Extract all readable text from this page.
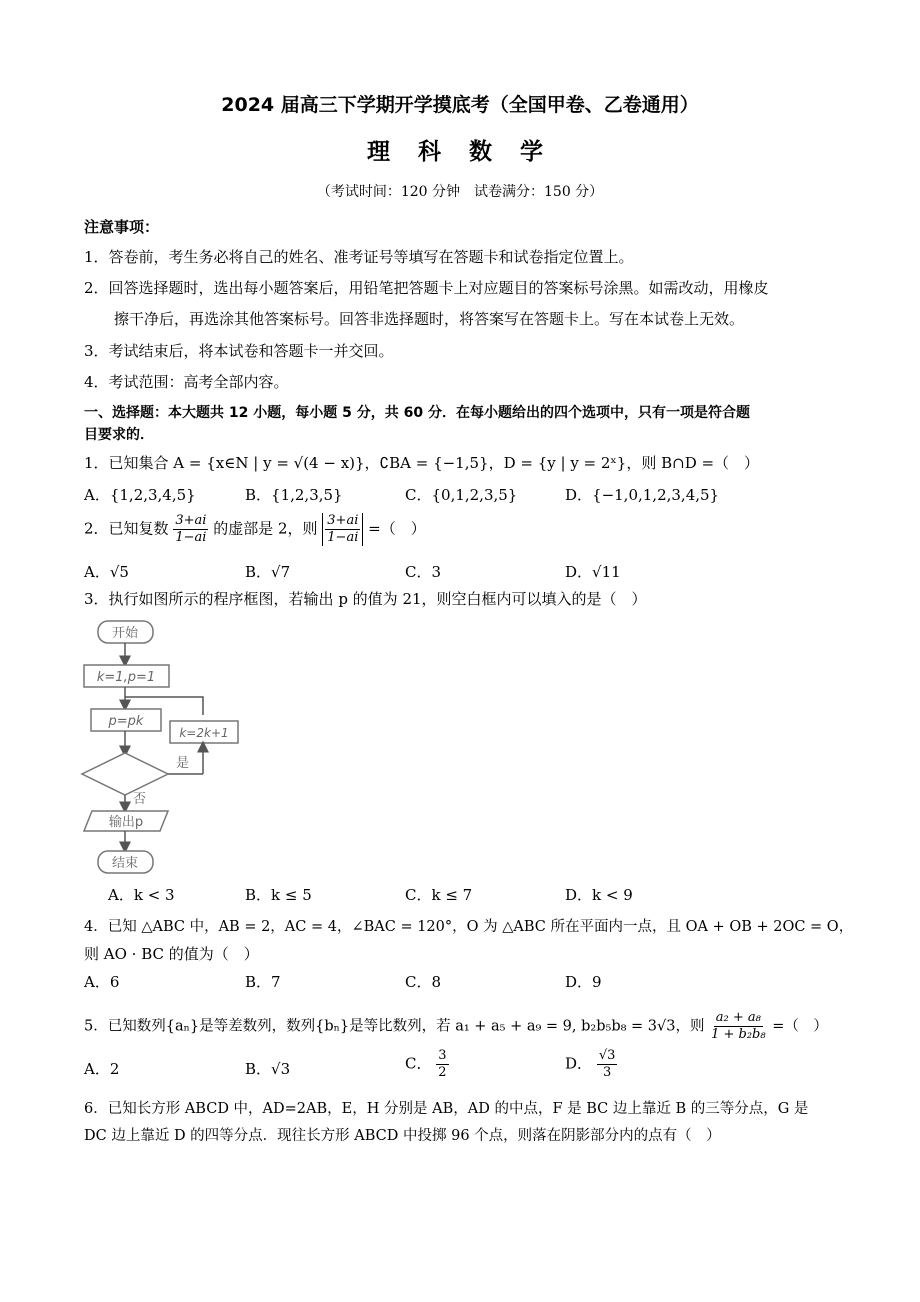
2024 届高三下学期开学摸底考（全国甲卷、乙卷通用）
理 科 数 学
（考试时间：120 分钟　试卷满分：150 分）
注意事项：
1．答卷前，考生务必将自己的姓名、准考证号等填写在答题卡和试卷指定位置上。
2．回答选择题时，选出每小题答案后，用铅笔把答题卡上对应题目的答案标号涂黑。如需改动，用橡皮
擦干净后，再选涂其他答案标号。回答非选择题时，将答案写在答题卡上。写在本试卷上无效。
3．考试结束后，将本试卷和答题卡一并交回。
4．考试范围：高考全部内容。
一、选择题：本大题共 12 小题，每小题 5 分，共 60 分．在每小题给出的四个选项中，只有一项是符合题
目要求的．
1．已知集合 A = {x∈N | y = √(4 − x)}，∁BA = {−1,5}，D = {y | y = 2ˣ}，则 B∩D =（　）
A．{1,2,3,4,5}	B．{1,2,3,5}	C．{0,1,2,3,5}	D．{−1,0,1,2,3,4,5}
2．已知复数 $\frac{3+ai}{1-ai}$ 的虚部是 2，则 $\frac{3+ai}{1-ai}$ =（　）
A．√5	B．√7	C．3	D．√11
3．执行如图所示的程序框图，若输出 p 的值为 21，则空白框内可以填入的是（　）
开始
k=1,p=1
p=pk
k=2k+1
是
否
输出p
结束
A．k < 3	B．k ≤ 5	C．k ≤ 7	D．k < 9
4．已知 △ABC 中，AB = 2，AC = 4，∠BAC = 120°，O 为 △ABC 所在平面内一点，且 OA + OB + 2OC = O，
则 AO · BC 的值为（　）
A．6	B．7	C．8	D．9
5．已知数列{aₙ}是等差数列，数列{bₙ}是等比数列，若 a₁ + a₅ + a₉ = 9, b₂b₅b₈ = 3√3，则 $\frac{\text{a₂ + a₈}}{\text{1 + b₂b₈}}$ =（　）
A．2	B．√3	C． $\frac{3}{2}$	D． $\frac{√3}{3}$
6．已知长方形 ABCD 中，AD=2AB，E，H 分别是 AB，AD 的中点，F 是 BC 边上靠近 B 的三等分点，G 是
DC 边上靠近 D 的四等分点．现往长方形 ABCD 中投掷 96 个点，则落在阴影部分内的点有（　）
